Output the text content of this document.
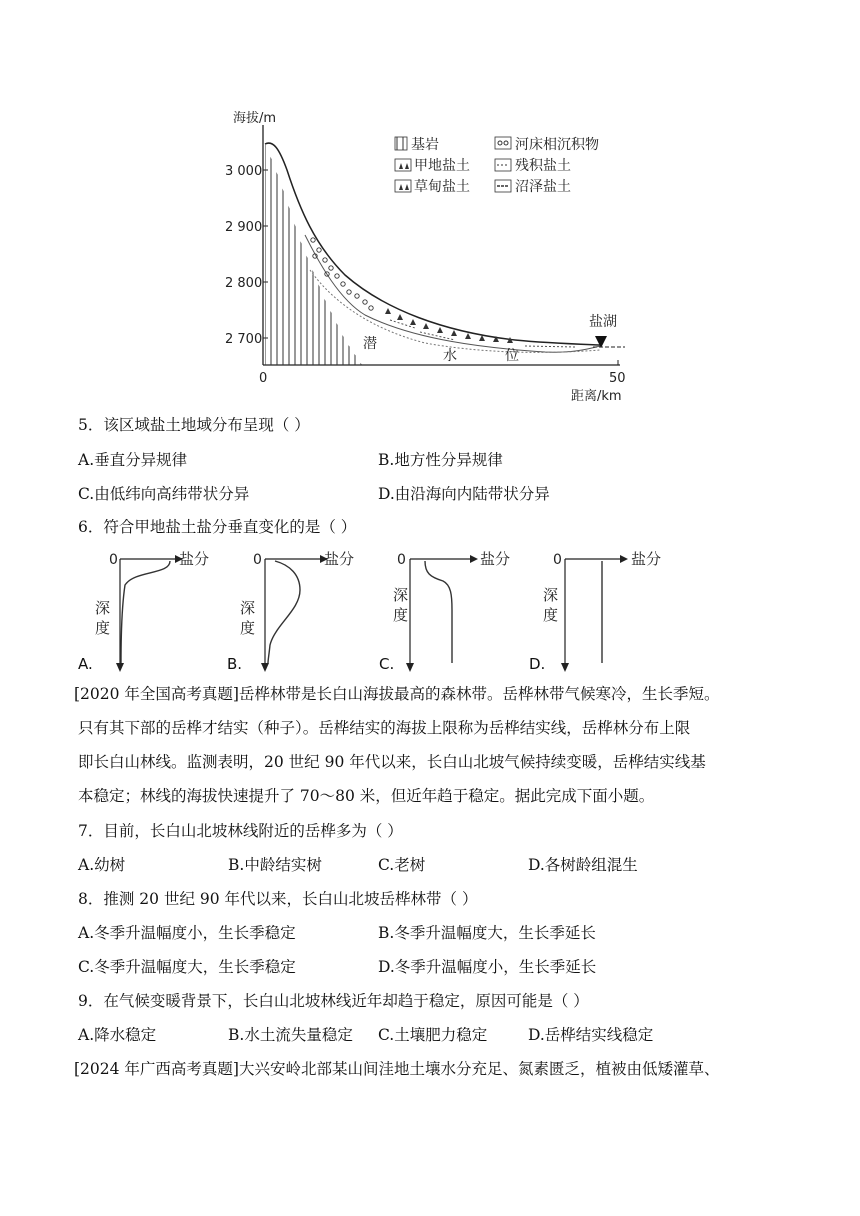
海拔/m
3 000
2 900
2 800
2 700
0	50
距离/km
潜
水	位
盐湖
基岩	河床相沉积物
甲地盐土	残积盐土
草甸盐土	沼泽盐土
5．该区域盐土地域分布呈现（ ）
A.垂直分异规律	B.地方性分异规律
C.由低纬向高纬带状分异	D.由沿海向内陆带状分异
6．符合甲地盐土盐分垂直变化的是（ ）
0	盐分
深
度
A.
0	盐分
深
度
B.
0	盐分
深
度
C.
0	盐分
深
度
D.
[2020 年全国高考真题]岳桦林带是长白山海拔最高的森林带。岳桦林带气候寒冷，生长季短。
只有其下部的岳桦才结实（种子）。岳桦结实的海拔上限称为岳桦结实线，岳桦林分布上限
即长白山林线。监测表明，20 世纪 90 年代以来，长白山北坡气候持续变暖，岳桦结实线基
本稳定；林线的海拔快速提升了 70～80 米，但近年趋于稳定。据此完成下面小题。
7．目前，长白山北坡林线附近的岳桦多为（ ）
A.幼树	B.中龄结实树	C.老树	D.各树龄组混生
8．推测 20 世纪 90 年代以来，长白山北坡岳桦林带（ ）
A.冬季升温幅度小，生长季稳定	B.冬季升温幅度大，生长季延长
C.冬季升温幅度大，生长季稳定	D.冬季升温幅度小，生长季延长
9．在气候变暖背景下，长白山北坡林线近年却趋于稳定，原因可能是（ ）
A.降水稳定	B.水土流失量稳定 C.土壤肥力稳定	D.岳桦结实线稳定
[2024 年广西高考真题]大兴安岭北部某山间洼地土壤水分充足、氮素匮乏，植被由低矮灌草、
